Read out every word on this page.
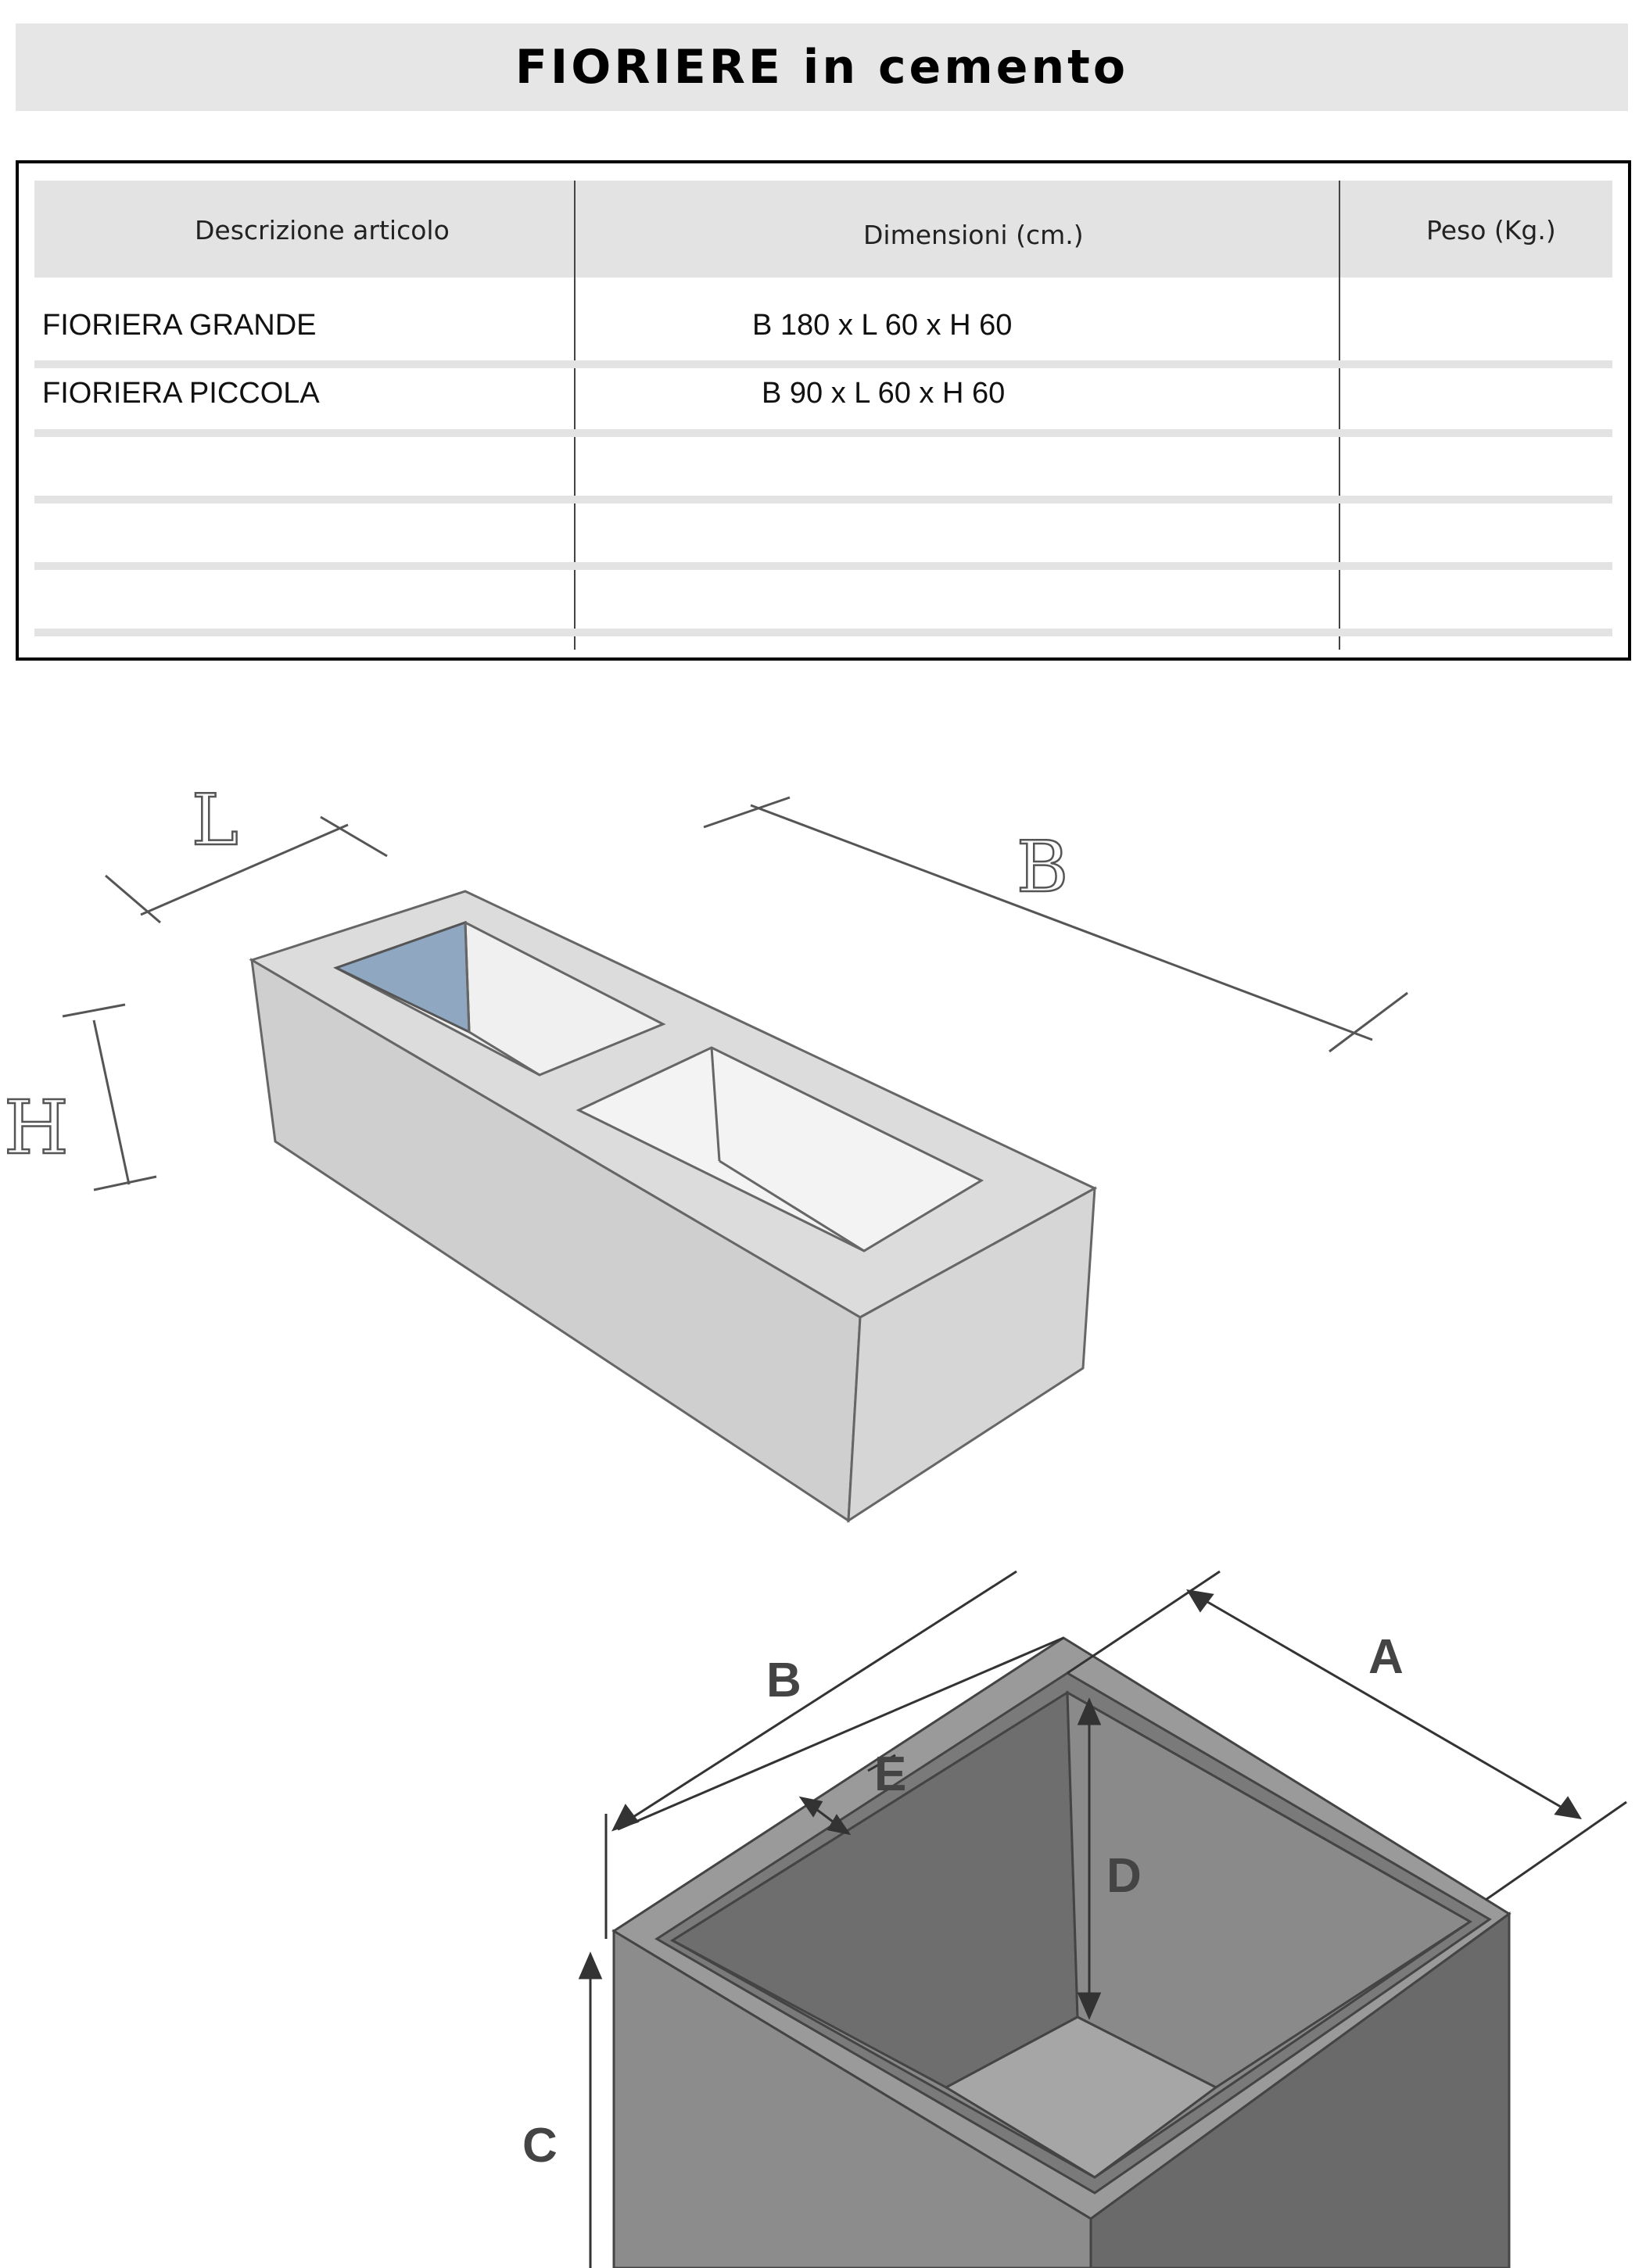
FIORIERE in cemento
Descrizione articolo	Dimensioni (cm.)	Peso (Kg.)
FIORIERA GRANDE	B 180 x L 60 x H 60
FIORIERA PICCOLA	B 90 x L 60 x H 60
L
B
H
A
B
C
D
E
